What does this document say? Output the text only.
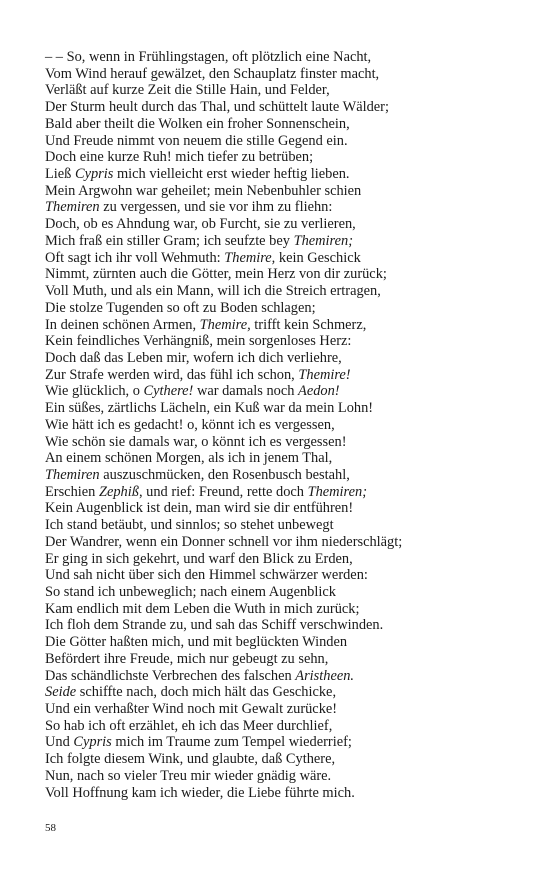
– – So, wenn in Frühlingstagen, oft plötzlich eine Nacht,
Vom Wind herauf gewälzet, den Schauplatz finster macht,
Verläßt auf kurze Zeit die Stille Hain, und Felder,
Der Sturm heult durch das Thal, und schüttelt laute Wälder;
Bald aber theilt die Wolken ein froher Sonnenschein,
Und Freude nimmt von neuem die stille Gegend ein.
Doch eine kurze Ruh! mich tiefer zu betrüben;
Ließ Cypris mich vielleicht erst wieder heftig lieben.
Mein Argwohn war geheilet; mein Nebenbuhler schien
Themiren zu vergessen, und sie vor ihm zu fliehn:
Doch, ob es Ahndung war, ob Furcht, sie zu verlieren,
Mich fraß ein stiller Gram; ich seufzte bey Themiren;
Oft sagt ich ihr voll Wehmuth: Themire, kein Geschick
Nimmt, zürnten auch die Götter, mein Herz von dir zurück;
Voll Muth, und als ein Mann, will ich die Streich ertragen,
Die stolze Tugenden so oft zu Boden schlagen;
In deinen schönen Armen, Themire, trifft kein Schmerz,
Kein feindliches Verhängniß, mein sorgenloses Herz:
Doch daß das Leben mir, wofern ich dich verliehre,
Zur Strafe werden wird, das fühl ich schon, Themire!
Wie glücklich, o Cythere! war damals noch Aedon!
Ein süßes, zärtlichs Lächeln, ein Kuß war da mein Lohn!
Wie hätt ich es gedacht! o, könnt ich es vergessen,
Wie schön sie damals war, o könnt ich es vergessen!
An einem schönen Morgen, als ich in jenem Thal,
Themiren auszuschmücken, den Rosenbusch bestahl,
Erschien Zephiß, und rief: Freund, rette doch Themiren;
Kein Augenblick ist dein, man wird sie dir entführen!
Ich stand betäubt, und sinnlos; so stehet unbewegt
Der Wandrer, wenn ein Donner schnell vor ihm niederschlägt;
Er ging in sich gekehrt, und warf den Blick zu Erden,
Und sah nicht über sich den Himmel schwärzer werden:
So stand ich unbeweglich; nach einem Augenblick
Kam endlich mit dem Leben die Wuth in mich zurück;
Ich floh dem Strande zu, und sah das Schiff verschwinden.
Die Götter haßten mich, und mit beglückten Winden
Befördert ihre Freude, mich nur gebeugt zu sehn,
Das schändlichste Verbrechen des falschen Aristheen.
Seide schiffte nach, doch mich hält das Geschicke,
Und ein verhaßter Wind noch mit Gewalt zurücke!
So hab ich oft erzählet, eh ich das Meer durchlief,
Und Cypris mich im Traume zum Tempel wiederrief;
Ich folgte diesem Wink, und glaubte, daß Cythere,
Nun, nach so vieler Treu mir wieder gnädig wäre.
Voll Hoffnung kam ich wieder, die Liebe führte mich.
58
